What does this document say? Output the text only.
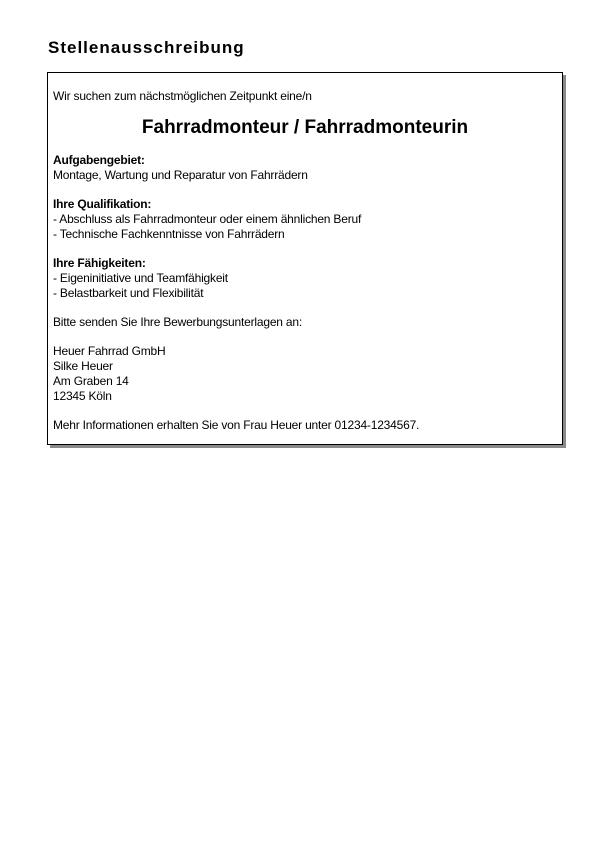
Stellenausschreibung

Wir suchen zum nächstmöglichen Zeitpunkt eine/n

Fahrradmonteur / Fahrradmonteurin

Aufgabengebiet:

Montage, Wartung und Reparatur von Fahrrädern

Ihre Qualifikation:

- Abschluss als Fahrradmonteur oder einem ähnlichen Beruf

- Technische Fachkenntnisse von Fahrrädern

Ihre Fähigkeiten:

- Eigeninitiative und Teamfähigkeit

- Belastbarkeit und Flexibilität

Bitte senden Sie Ihre Bewerbungsunterlagen an:

Heuer Fahrrad GmbH

Silke Heuer

Am Graben 14

12345 Köln

Mehr Informationen erhalten Sie von Frau Heuer unter 01234-1234567.
